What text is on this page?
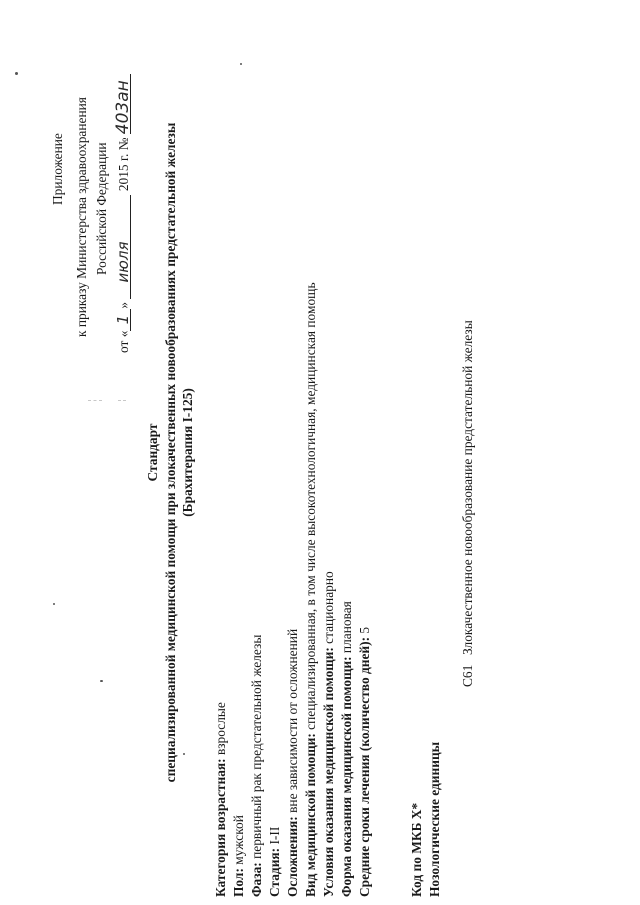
Приложение к приказу Министерства здравоохранения Российской Федерации
от «1» июля 2015 г. № 403ан
Стандарт специализированной медицинской помощи при злокачественных новообразованиях предстательной железы (Брахитерапия I-125)
Категория возрастная: взрослые
Пол: мужской
Фаза: первичный рак предстательной железы
Стадия: I-II Осложнения: вне зависимости от осложнений Вид медицинской помощи: специализированная, в том числе высокотехнологичная, медицинская помощь
Условия оказания медицинской помощи: стационарно
Форма оказания медицинской помощи: плановая
Средние сроки лечения (количество дней): 5
Код по МКБ X* Нозологические единицы
C61
Злокачественное новообразование предстательной железы
